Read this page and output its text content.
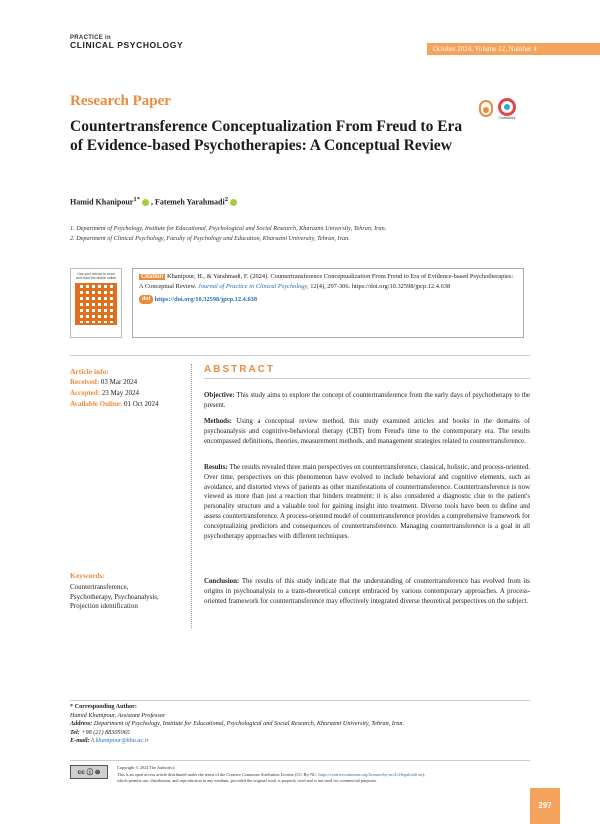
PRACTICE in
CLINICAL PSYCHOLOGY	October 2024, Volume 12, Number 4
Research Paper
CrossMark
Countertransference Conceptualization From Freud to Era of Evidence-based Psychotherapies: A Conceptual Review
Hamid Khanipour$^{1*}$ , Fatemeh Yarahmadi$^2$
1. Department of Psychology, Institute for Educational, Psychological and Social Research, Kharazmi University, Tehran, Iran.
2. Department of Clinical Psychology, Faculty of Psychology and Education, Kharazmi University, Tehran, Iran.
Use your device to scan and read the article online	Citation Khanipour, H., & Yarahmadi, F. (2024). Countertransference Conceptualization From Freud to Era of Evidence-based Psychotherapies: A Conceptual Review. Journal of Practice in Clinical Psychology, 12(4), 297-306. https://doi.org/10.32598/jpcp.12.4.638
doi https://doi.org/10.32598/jpcp.12.4.638
Article info:
Received: 03 Mar 2024
Accepted: 23 May 2024
Available Online: 01 Oct 2024
Keywords:
Countertransference,
Psychotherapy, Psychoanalysis,
Projection identification
ABSTRACT
Objective: This study aims to explore the concept of countertransference from the early days of psychotherapy to the present.
Methods: Using a conceptual review method, this study examined articles and books in the domains of psychoanalysis and cognitive-behavioral therapy (CBT) from Freud's time to the contemporary era. The results encompassed definitions, theories, measurement methods, and management strategies related to countertransference.
Results: The results revealed three main perspectives on countertransference, classical, holistic, and process-oriented. Over time, perspectives on this phenomenon have evolved to include behavioral and cognitive elements, such as avoidance, and distorted views of patients as other manifestations of countertransference. Countertransference is now viewed as more than just a reaction that hinders treatment; it is also considered a diagnostic clue to the patient's personality structure and a valuable tool for gaining insight into treatment. Diverse tools have been to define and assess countertransference. A process-oriented model of countertransference provides a comprehensive framework for conceptualizing predictors and consequences of countertransference. Managing countertransference is a goal in all psychotherapy approaches with different techniques.
Conclusion: The results of this study indicate that the understanding of countertransference has evolved from its origins in psychoanalysis to a trans-theoretical concept embraced by various contemporary approaches. A process-oriented framework for countertransference may effectively integrated diverse theoretical perspectives on the subject.
* Corresponding Author:
Hamid Khanipour, Assistant Professor
Address: Department of Psychology, Institute for Educational, Psychological and Social Research, Kharazmi University, Tehran, Iran.
Tel: +98 (21) 88305065
E-mail: h.khanipour@khu.ac.ir
cc ⓘ ⊜
Copyright © 2024 The Author(s);
This is an open access article distributed under the terms of the Creative Commons Attribution License (CC-By-NC: https://creativecommons.org/licenses/by-nc/4.0/legalcode.en),
which permits use, distribution, and reproduction in any medium, provided the original work is properly cited and is not used for commercial purposes.
297
